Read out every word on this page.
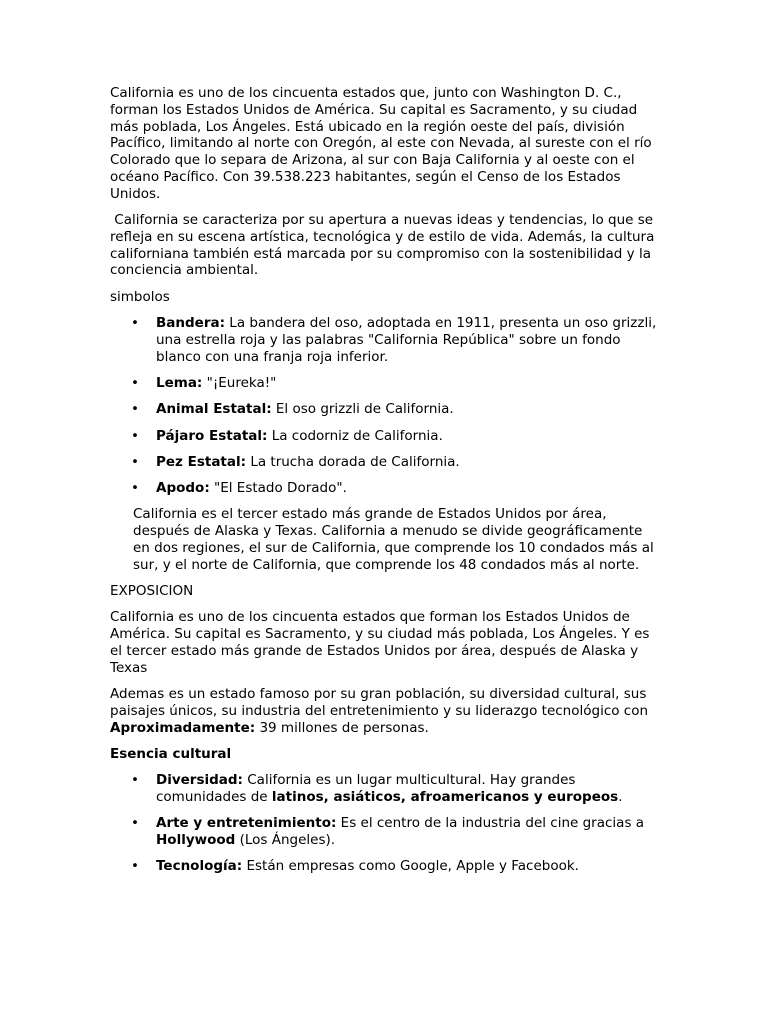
California es uno de los cincuenta estados que, junto con Washington D. C., forman los Estados Unidos de América. Su capital es Sacramento, y su ciudad más poblada, Los Ángeles. Está ubicado en la región oeste del país, división Pacífico, limitando al norte con Oregón, al este con Nevada, al sureste con el río Colorado que lo separa de Arizona, al sur con Baja California y al oeste con el océano Pacífico. Con 39.538.223 habitantes, según el Censo de los Estados Unidos.

California se caracteriza por su apertura a nuevas ideas y tendencias, lo que se refleja en su escena artística, tecnológica y de estilo de vida. Además, la cultura californiana también está marcada por su compromiso con la sostenibilidad y la conciencia ambiental.

simbolos

• Bandera: La bandera del oso, adoptada en 1911, presenta un oso grizzli, una estrella roja y las palabras "California República" sobre un fondo blanco con una franja roja inferior.
• Lema: "¡Eureka!"
• Animal Estatal: El oso grizzli de California.
• Pájaro Estatal: La codorniz de California.
• Pez Estatal: La trucha dorada de California.
• Apodo: "El Estado Dorado".

California es el tercer estado más grande de Estados Unidos por área, después de Alaska y Texas. California a menudo se divide geográficamente en dos regiones, el sur de California, que comprende los 10 condados más al sur, y el norte de California, que comprende los 48 condados más al norte.

EXPOSICION

California es uno de los cincuenta estados que forman los Estados Unidos de América. Su capital es Sacramento, y su ciudad más poblada, Los Ángeles. Y es el tercer estado más grande de Estados Unidos por área, después de Alaska y Texas

Ademas es un estado famoso por su gran población, su diversidad cultural, sus paisajes únicos, su industria del entretenimiento y su liderazgo tecnológico con Aproximadamente: 39 millones de personas.

Esencia cultural

• Diversidad: California es un lugar multicultural. Hay grandes comunidades de latinos, asiáticos, afroamericanos y europeos.
• Arte y entretenimiento: Es el centro de la industria del cine gracias a Hollywood (Los Ángeles).
• Tecnología: Están empresas como Google, Apple y Facebook.
